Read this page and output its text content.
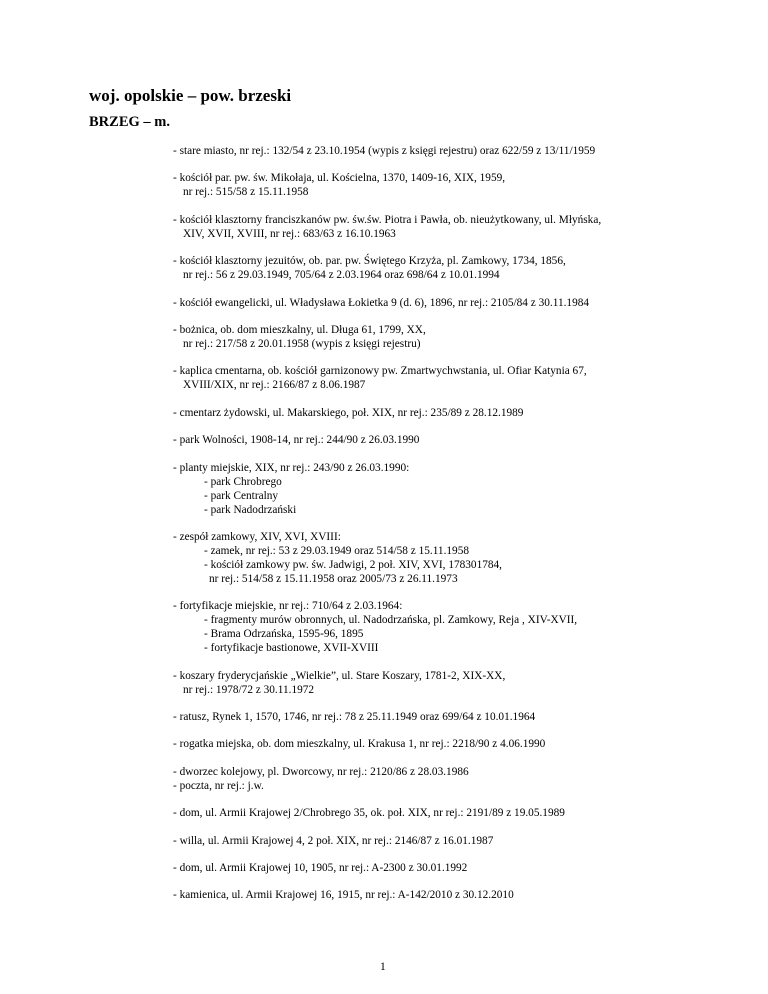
woj. opolskie – pow. brzeski
BRZEG – m.
- stare miasto, nr rej.: 132/54 z 23.10.1954 (wypis z księgi rejestru) oraz 622/59 z 13/11/1959
- kościół par. pw. św. Mikołaja, ul. Kościelna, 1370, 1409-16, XIX, 1959,
nr rej.: 515/58 z 15.11.1958
- kościół klasztorny franciszkanów pw. św.św. Piotra i Pawła, ob. nieużytkowany, ul. Młyńska,
XIV, XVII, XVIII, nr rej.: 683/63 z 16.10.1963
- kościół klasztorny jezuitów, ob. par. pw. Świętego Krzyża, pl. Zamkowy, 1734, 1856,
nr rej.: 56 z 29.03.1949, 705/64 z 2.03.1964 oraz 698/64 z 10.01.1994
- kościół ewangelicki, ul. Władysława Łokietka 9 (d. 6), 1896, nr rej.: 2105/84 z 30.11.1984
- bożnica, ob. dom mieszkalny, ul. Długa 61, 1799, XX,
nr rej.: 217/58 z 20.01.1958 (wypis z księgi rejestru)
- kaplica cmentarna, ob. kościół garnizonowy pw. Zmartwychwstania, ul. Ofiar Katynia 67,
XVIII/XIX, nr rej.: 2166/87 z 8.06.1987
- cmentarz żydowski, ul. Makarskiego, poł. XIX, nr rej.: 235/89 z 28.12.1989
- park Wolności, 1908-14, nr rej.: 244/90 z 26.03.1990
- planty miejskie, XIX, nr rej.: 243/90 z 26.03.1990:
- park Chrobrego
- park Centralny
- park Nadodrzański
- zespół zamkowy, XIV, XVI, XVIII:
- zamek, nr rej.: 53 z 29.03.1949 oraz 514/58 z 15.11.1958
- kościół zamkowy pw. św. Jadwigi, 2 poł. XIV, XVI, 178301784,
nr rej.: 514/58 z 15.11.1958 oraz 2005/73 z 26.11.1973
- fortyfikacje miejskie, nr rej.: 710/64 z 2.03.1964:
- fragmenty murów obronnych, ul. Nadodrzańska, pl. Zamkowy, Reja , XIV-XVII,
- Brama Odrzańska, 1595-96, 1895
- fortyfikacje bastionowe, XVII-XVIII
- koszary fryderycjańskie „Wielkie”, ul. Stare Koszary, 1781-2, XIX-XX,
nr rej.: 1978/72 z 30.11.1972
- ratusz, Rynek 1, 1570, 1746, nr rej.: 78 z 25.11.1949 oraz 699/64 z 10.01.1964
- rogatka miejska, ob. dom mieszkalny, ul. Krakusa 1, nr rej.: 2218/90 z 4.06.1990
- dworzec kolejowy, pl. Dworcowy, nr rej.: 2120/86 z 28.03.1986
- poczta, nr rej.: j.w.
- dom, ul. Armii Krajowej 2/Chrobrego 35, ok. poł. XIX, nr rej.: 2191/89 z 19.05.1989
- willa, ul. Armii Krajowej 4, 2 poł. XIX, nr rej.: 2146/87 z 16.01.1987
- dom, ul. Armii Krajowej 10, 1905, nr rej.: A-2300 z 30.01.1992
- kamienica, ul. Armii Krajowej 16, 1915, nr rej.: A-142/2010 z 30.12.2010
1
